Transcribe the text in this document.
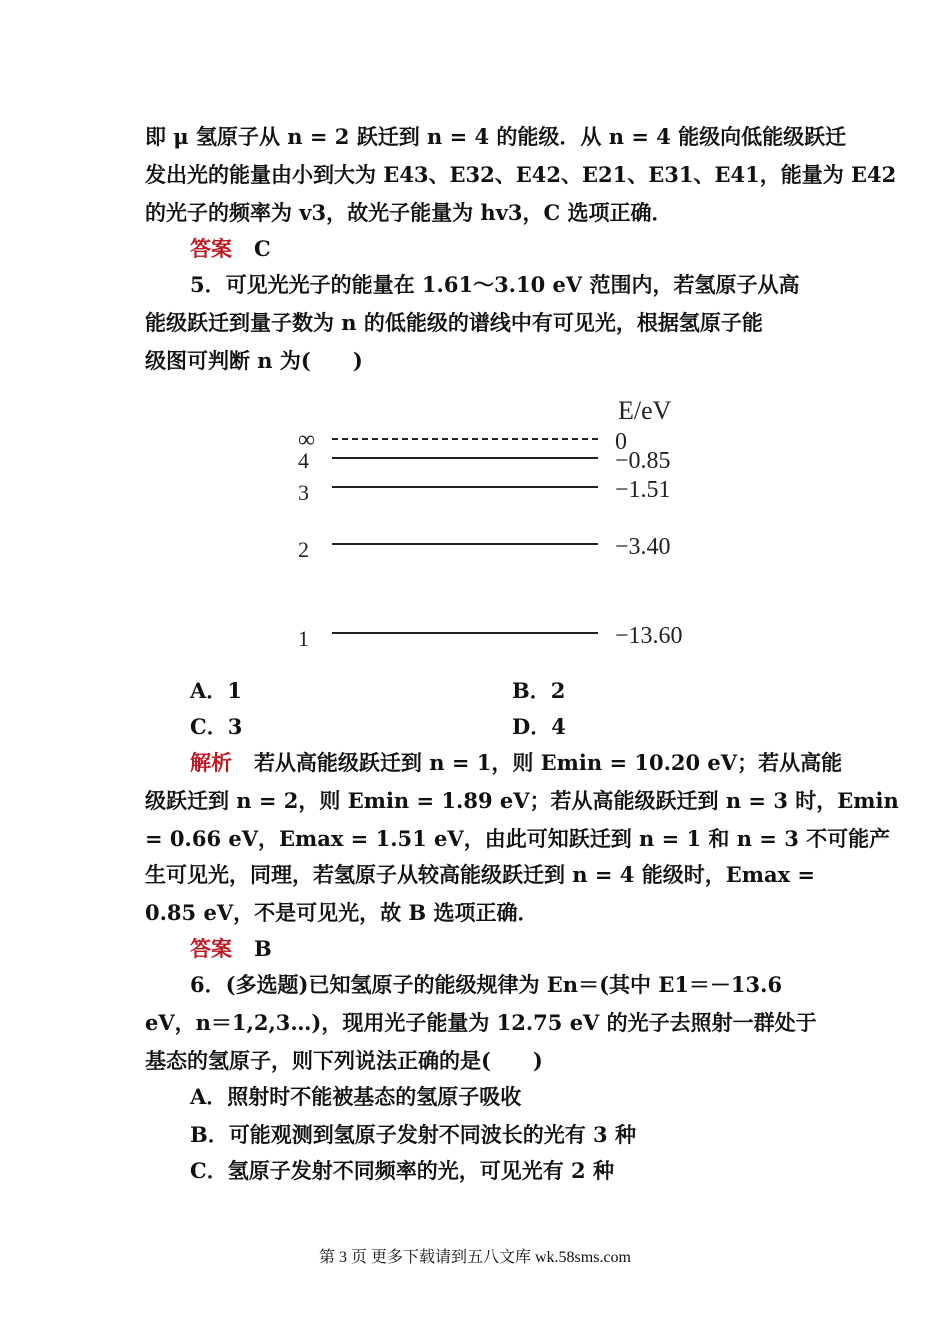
即 μ 氢原子从 n = 2 跃迁到 n = 4 的能级．从 n = 4 能级向低能级跃迁
发出光的能量由小到大为 E43、E32、E42、E21、E31、E41，能量为 E42
的光子的频率为 v3，故光子能量为 hv3，C 选项正确．
答案 C
5．可见光光子的能量在 1.61～3.10 eV 范围内，若氢原子从高
能级跃迁到量子数为 n 的低能级的谱线中有可见光，根据氢原子能
级图可判断 n 为(　　)
E/eV
∞	0
4	−0.85
3	−1.51
2	−3.40
1	−13.60
A．1	B．2
C．3	D．4
解析 若从高能级跃迁到 n = 1，则 Emin = 10.20 eV；若从高能
级跃迁到 n = 2，则 Emin = 1.89 eV；若从高能级跃迁到 n = 3 时，Emin
= 0.66 eV，Emax = 1.51 eV，由此可知跃迁到 n = 1 和 n = 3 不可能产
生可见光，同理，若氢原子从较高能级跃迁到 n = 4 能级时，Emax =
0.85 eV，不是可见光，故 B 选项正确．
答案 B
6．(多选题)已知氢原子的能级规律为 En＝(其中 E1＝－13.6
eV，n＝1,2,3…)，现用光子能量为 12.75 eV 的光子去照射一群处于
基态的氢原子，则下列说法正确的是(　　)
A．照射时不能被基态的氢原子吸收
B．可能观测到氢原子发射不同波长的光有 3 种
C．氢原子发射不同频率的光，可见光有 2 种
第 3 页 更多下载请到五八文库 wk.58sms.com
